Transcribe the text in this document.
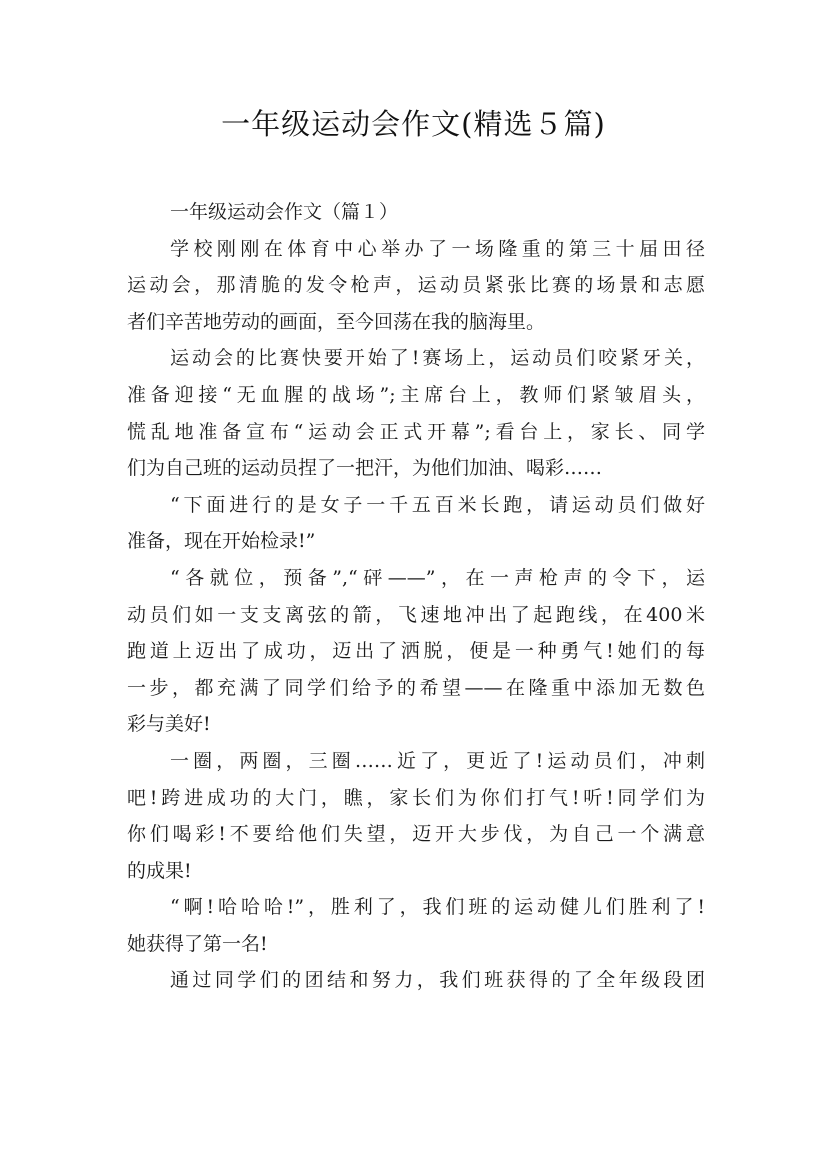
一年级运动会作文(精选５篇)
一年级运动会作文（篇１）
学校刚刚在体育中心举办了一场隆重的第三十届田径
运动会，那清脆的发令枪声，运动员紧张比赛的场景和志愿
者们辛苦地劳动的画面，至今回荡在我的脑海里。
运动会的比赛快要开始了!赛场上，运动员们咬紧牙关，
准备迎接“无血腥的战场”;主席台上，教师们紧皱眉头，
慌乱地准备宣布“运动会正式开幕”;看台上，家长、同学
们为自己班的运动员捏了一把汗，为他们加油、喝彩……
“下面进行的是女子一千五百米长跑，请运动员们做好
准备，现在开始检录!”
“各就位，预备”,“砰——”，在一声枪声的令下，运
动员们如一支支离弦的箭，飞速地冲出了起跑线，在400米
跑道上迈出了成功，迈出了洒脱，便是一种勇气!她们的每
一步，都充满了同学们给予的希望——在隆重中添加无数色
彩与美好!
一圈，两圈，三圈……近了，更近了!运动员们，冲刺
吧!跨进成功的大门，瞧，家长们为你们打气!听!同学们为
你们喝彩!不要给他们失望，迈开大步伐，为自己一个满意
的成果!
“啊!哈哈哈!”，胜利了，我们班的运动健儿们胜利了!
她获得了第一名!
通过同学们的团结和努力，我们班获得的了全年级段团
